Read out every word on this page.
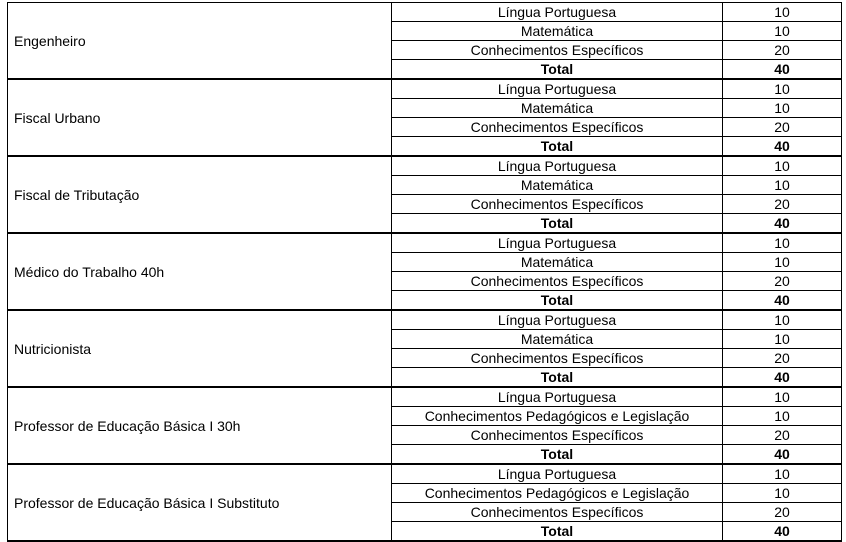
Engenheiro	Língua Portuguesa	10
	Matemática	10
	Conhecimentos Específicos	20
	Total	40
Fiscal Urbano	Língua Portuguesa	10
	Matemática	10
	Conhecimentos Específicos	20
	Total	40
Fiscal de Tributação	Língua Portuguesa	10
	Matemática	10
	Conhecimentos Específicos	20
	Total	40
Médico do Trabalho 40h	Língua Portuguesa	10
	Matemática	10
	Conhecimentos Específicos	20
	Total	40
Nutricionista	Língua Portuguesa	10
	Matemática	10
	Conhecimentos Específicos	20
	Total	40
Professor de Educação Básica I 30h	Língua Portuguesa	10
	Conhecimentos Pedagógicos e Legislação	10
	Conhecimentos Específicos	20
	Total	40
Professor de Educação Básica I Substituto	Língua Portuguesa	10
	Conhecimentos Pedagógicos e Legislação	10
	Conhecimentos Específicos	20
	Total	40
